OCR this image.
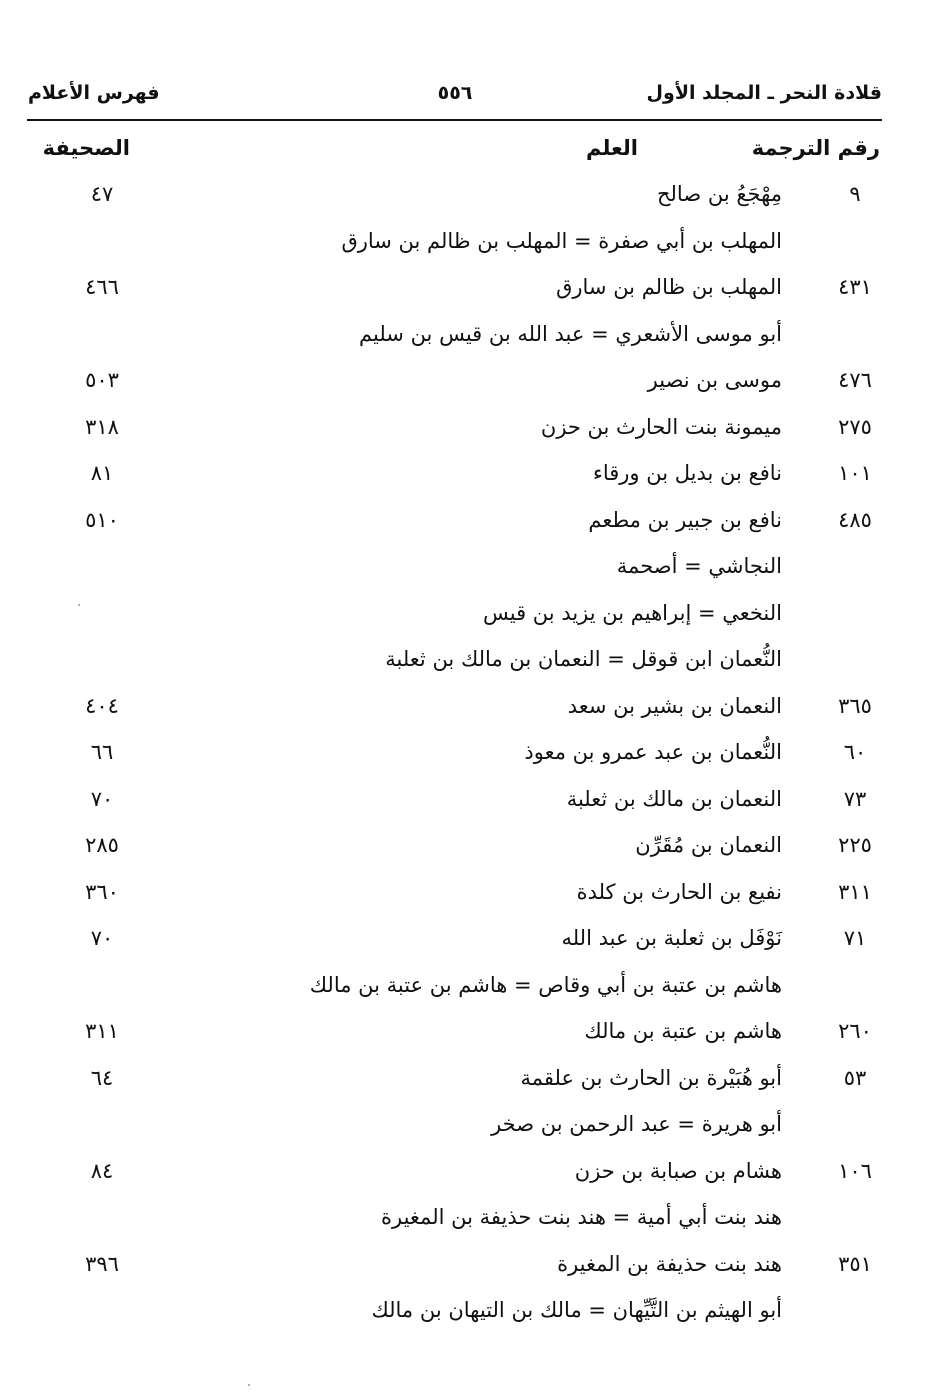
قلادة النحر ـ المجلد الأول
٥٥٦
فهرس الأعلام
رقم الترجمة
العلم
الصحيفة
٩
مِهْجَعُ بن صالح
٤٧
المهلب بن أبي صفرة = المهلب بن ظالم بن سارق
٤٣١
المهلب بن ظالم بن سارق
٤٦٦
أبو موسى الأشعري = عبد الله بن قيس بن سليم
٤٧٦
موسى بن نصير
٥٠٣
٢٧٥
ميمونة بنت الحارث بن حزن
٣١٨
١٠١
نافع بن بديل بن ورقاء
٨١
٤٨٥
نافع بن جبير بن مطعم
٥١٠
النجاشي = أصحمة
النخعي = إبراهيم بن يزيد بن قيس
النُّعمان ابن قوقل = النعمان بن مالك بن ثعلبة
٣٦٥
النعمان بن بشير بن سعد
٤٠٤
٦٠
النُّعمان بن عبد عمرو بن معوذ
٦٦
٧٣
النعمان بن مالك بن ثعلبة
٧٠
٢٢٥
النعمان بن مُقَرِّن
٢٨٥
٣١١
نفيع بن الحارث بن كلدة
٣٦٠
٧١
نَوْفَل بن ثعلبة بن عبد الله
٧٠
هاشم بن عتبة بن أبي وقاص = هاشم بن عتبة بن مالك
٢٦٠
هاشم بن عتبة بن مالك
٣١١
٥٣
أبو هُبَيْرة بن الحارث بن علقمة
٦٤
أبو هريرة = عبد الرحمن بن صخر
١٠٦
هشام بن صبابة بن حزن
٨٤
هند بنت أبي أمية = هند بنت حذيفة بن المغيرة
٣٥١
هند بنت حذيفة بن المغيرة
٣٩٦
أبو الهيثم بن التَّيِّهان = مالك بن التيهان بن مالك
